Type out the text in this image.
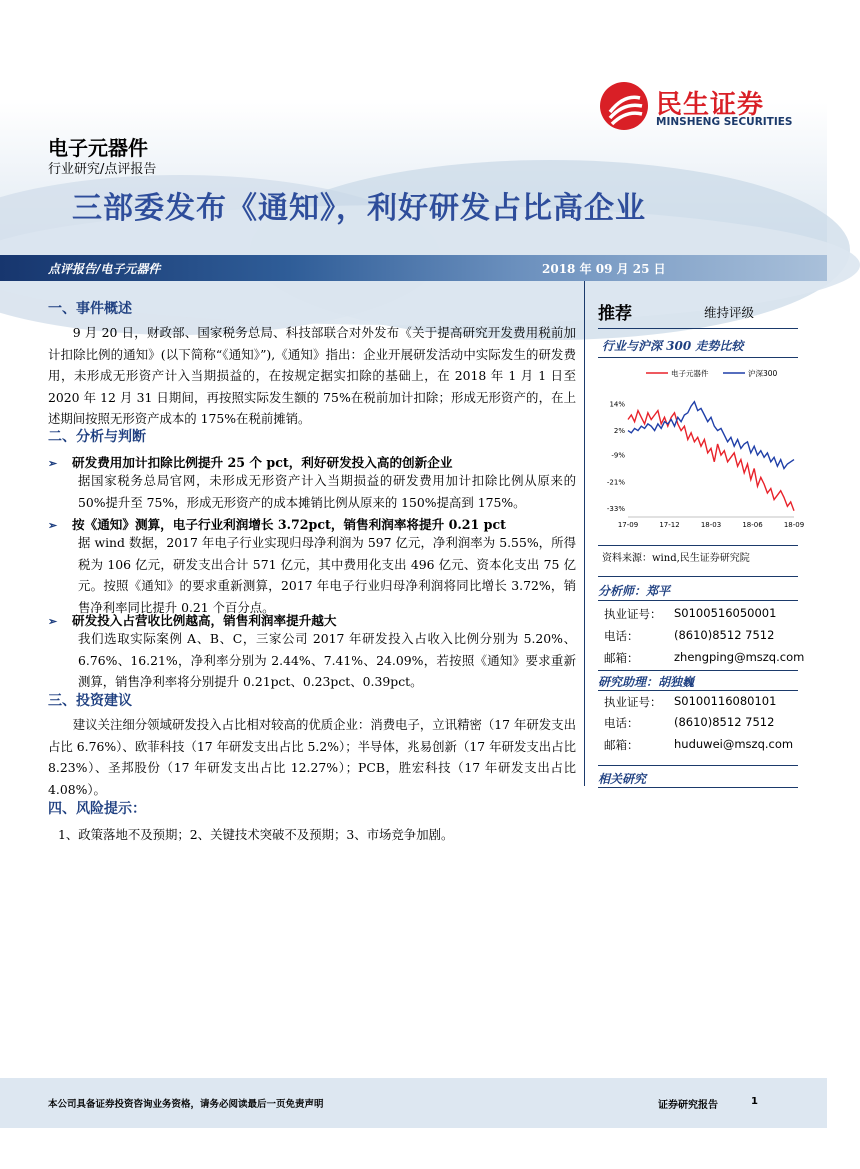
民生证券
MINSHENG SECURITIES
电子元器件
行业研究/点评报告
三部委发布《通知》，利好研发占比高企业
点评报告/电子元器件	2018 年 09 月 25 日
一、事件概述
9 月 20 日，财政部、国家税务总局、科技部联合对外发布《关于提高研究开发费用税前加计扣除比例的通知》(以下简称“《通知》”),《通知》指出：企业开展研发活动中实际发生的研发费用，未形成无形资产计入当期损益的，在按规定据实扣除的基础上，在 2018 年 1 月 1 日至 2020 年 12 月 31 日期间，再按照实际发生额的 75%在税前加计扣除；形成无形资产的，在上述期间按照无形资产成本的 175%在税前摊销。
二、分析与判断
➢ 研发费用加计扣除比例提升 25 个 pct，利好研发投入高的创新企业
据国家税务总局官网，未形成无形资产计入当期损益的研发费用加计扣除比例从原来的 50%提升至 75%，形成无形资产的成本摊销比例从原来的 150%提高到 175%。
➢ 按《通知》测算，电子行业利润增长 3.72pct，销售利润率将提升 0.21 pct
据 wind 数据，2017 年电子行业实现归母净利润为 597 亿元，净利润率为 5.55%，所得税为 106 亿元，研发支出合计 571 亿元，其中费用化支出 496 亿元、资本化支出 75 亿元。按照《通知》的要求重新测算，2017 年电子行业归母净利润将同比增长 3.72%，销售净利率同比提升 0.21 个百分点。
➢ 研发投入占营收比例越高，销售利润率提升越大
我们选取实际案例 A、B、C，三家公司 2017 年研发投入占收入比例分别为 5.20%、6.76%、16.21%，净利率分别为 2.44%、7.41%、24.09%，若按照《通知》要求重新测算，销售净利率将分别提升 0.21pct、0.23pct、0.39pct。
三、投资建议
建议关注细分领域研发投入占比相对较高的优质企业：消费电子，立讯精密（17 年研发支出占比 6.76%）、欧菲科技（17 年研发支出占比 5.2%）；半导体，兆易创新（17 年研发支出占比 8.23%）、圣邦股份（17 年研发支出占比 12.27%）；PCB，胜宏科技（17 年研发支出占比 4.08%）。
四、风险提示：
1、政策落地不及预期；2、关键技术突破不及预期；3、市场竞争加剧。
推荐	维持评级
行业与沪深 300 走势比较
电子元器件	沪深300
14%
2%
-9%
-21%
-33%
17-09	17-12	18-03	18-06	18-09
资料来源：wind,民生证券研究院
分析师：郑平
执业证号： S0100516050001
电话：	(8610)8512 7512
邮箱：	zhengping@mszq.com
研究助理：胡独巍
执业证号： S0100116080101
电话：	(8610)8512 7512
邮箱：	huduwei@mszq.com
相关研究
本公司具备证券投资咨询业务资格，请务必阅读最后一页免责声明	证券研究报告	1
